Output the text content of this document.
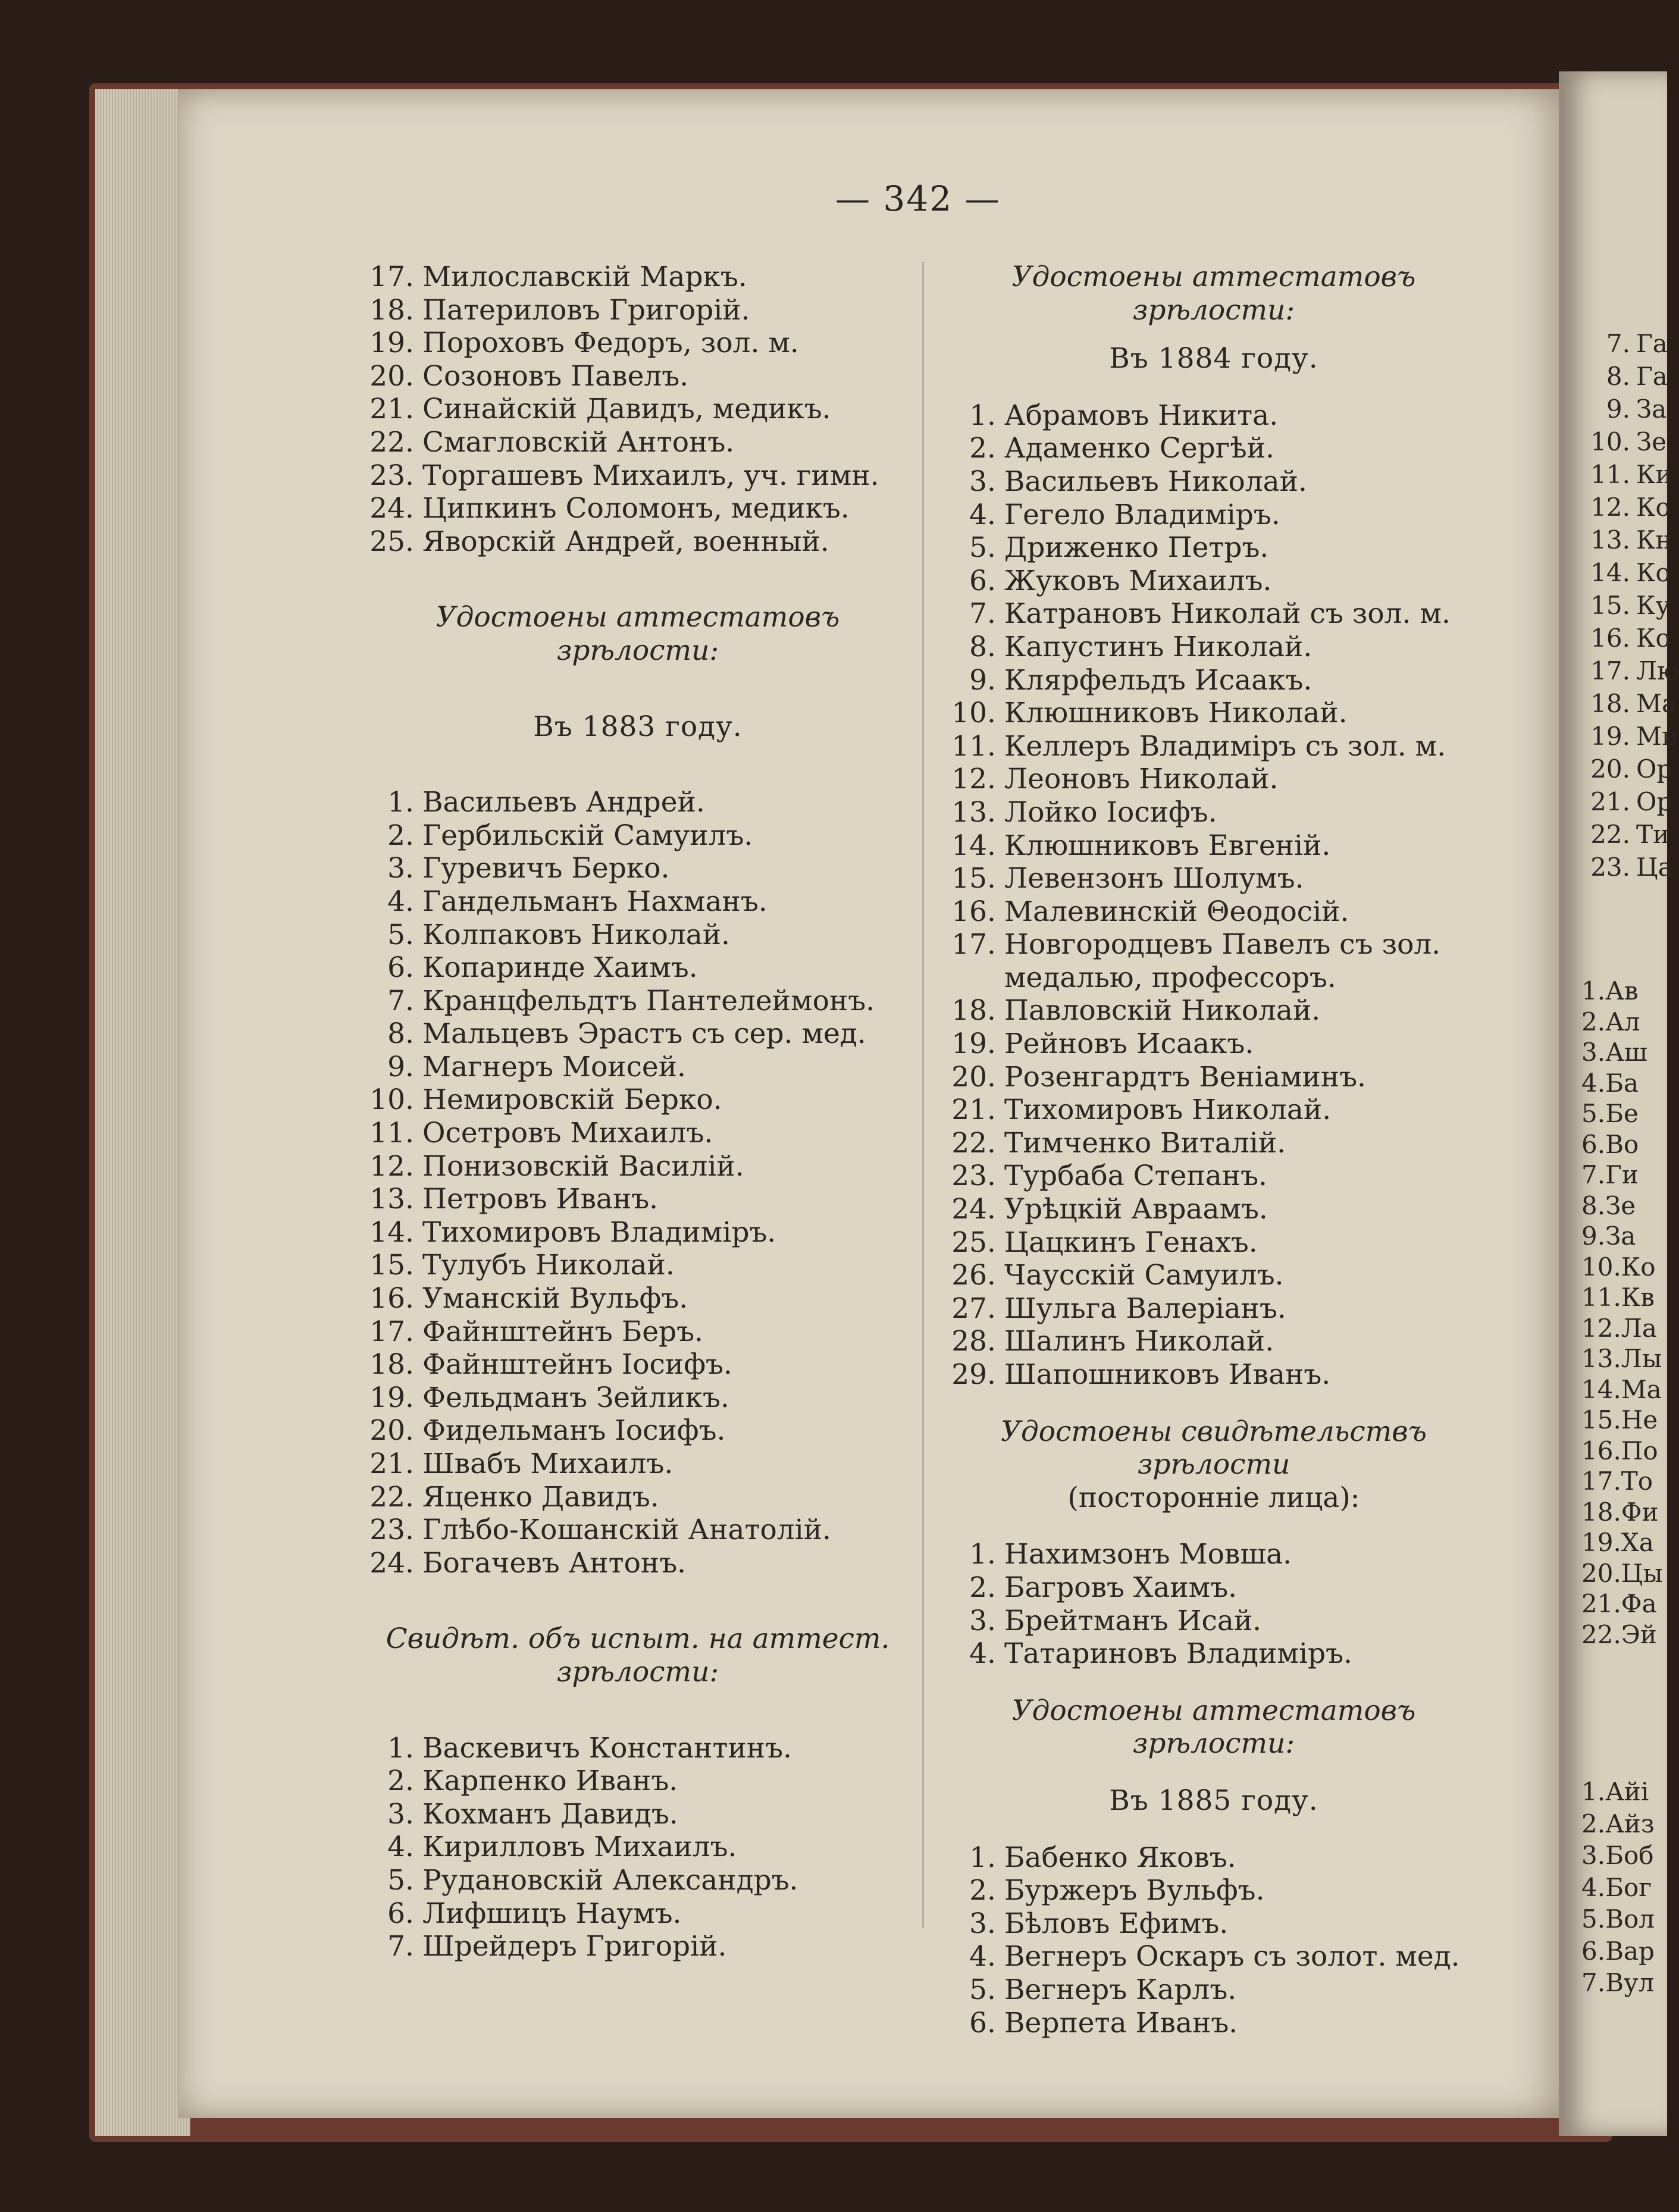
— 342 —
17. Милославскій Маркъ.
18. Патериловъ Григорій.
19. Пороховъ Федоръ, зол. м.
20. Созоновъ Павелъ.
21. Синайскій Давидъ, медикъ.
22. Смагловскій Антонъ.
23. Торгашевъ Михаилъ, уч. гимн.
24. Ципкинъ Соломонъ, медикъ.
25. Яворскій Андрей, военный.
Удостоены аттестатовъ зрѣлости:
Въ 1883 году.
1. Васильевъ Андрей.
2. Гербильскій Самуилъ.
3. Гуревичъ Берко.
4. Гандельманъ Нахманъ.
5. Колпаковъ Николай.
6. Копаринде Хаимъ.
7. Кранцфельдтъ Пантелеймонъ.
8. Мальцевъ Эрастъ съ сер. мед.
9. Магнеръ Моисей.
10. Немировскій Берко.
11. Осетровъ Михаилъ.
12. Понизовскій Василій.
13. Петровъ Иванъ.
14. Тихомировъ Владиміръ.
15. Тулубъ Николай.
16. Уманскій Вульфъ.
17. Файнштейнъ Беръ.
18. Файнштейнъ Іосифъ.
19. Фельдманъ Зейликъ.
20. Фидельманъ Іосифъ.
21. Швабъ Михаилъ.
22. Яценко Давидъ.
23. Глѣбо-Кошанскій Анатолій.
24. Богачевъ Антонъ.
Свидѣт. объ испыт. на аттест.
зрѣлости:
1. Васкевичъ Константинъ.
2. Карпенко Иванъ.
3. Кохманъ Давидъ.
4. Кирилловъ Михаилъ.
5. Рудановскій Александръ.
6. Лифшицъ Наумъ.
7. Шрейдеръ Григорій.
Удостоены аттестатовъ зрѣлости:
Въ 1884 году.
1. Абрамовъ Никита.
2. Адаменко Сергѣй.
3. Васильевъ Николай.
4. Гегело Владиміръ.
5. Дриженко Петръ.
6. Жуковъ Михаилъ.
7. Катрановъ Николай съ зол. м.
8. Капустинъ Николай.
9. Клярфельдъ Исаакъ.
10. Клюшниковъ Николай.
11. Келлеръ Владиміръ съ зол. м.
12. Леоновъ Николай.
13. Лойко Іосифъ.
14. Клюшниковъ Евгеній.
15. Левензонъ Шолумъ.
16. Малевинскій Θеодосій.
17. Новгородцевъ Павелъ съ зол.
медалью, профессоръ.
18. Павловскій Николай.
19. Рейновъ Исаакъ.
20. Розенгардтъ Веніаминъ.
21. Тихомировъ Николай.
22. Тимченко Виталій.
23. Турбаба Степанъ.
24. Урѣцкій Авраамъ.
25. Цацкинъ Генахъ.
26. Чаусскій Самуилъ.
27. Шульга Валеріанъ.
28. Шалинъ Николай.
29. Шапошниковъ Иванъ.
Удостоены свидѣтельствъ зрѣлости
(посторонніе лица):
1. Нахимзонъ Мовша.
2. Багровъ Хаимъ.
3. Брейтманъ Исай.
4. Татариновъ Владиміръ.
Удостоены аттестатовъ зрѣлости:
Въ 1885 году.
1. Бабенко Яковъ.
2. Буржеръ Вульфъ.
3. Бѣловъ Ефимъ.
4. Вегнеръ Оскаръ съ золот. мед.
5. Вегнеръ Карлъ.
6. Верпета Иванъ.
7. Га
8. Га
9. За
10. Зе
11. Ки
12. Ко
13. Кн
14. Ко
15. Ку
16. Ко
17. Лю
18. Ма
19. Ми
20. Ор
21. Ор
22. Ти
23. Ца
1.Ав
2.Ал
3.Аш
4.Ба
5.Бе
6.Во
7.Ги
8.Зе
9.За
10.Ко
11.Кв
12.Ла
13.Лы
14.Ма
15.Не
16.По
17.То
18.Фи
19.Ха
20.Цы
21.Фа
22.Эй
1.Айі
2.Айз
3.Боб
4.Бог
5.Вол
6.Вар
7.Вул
